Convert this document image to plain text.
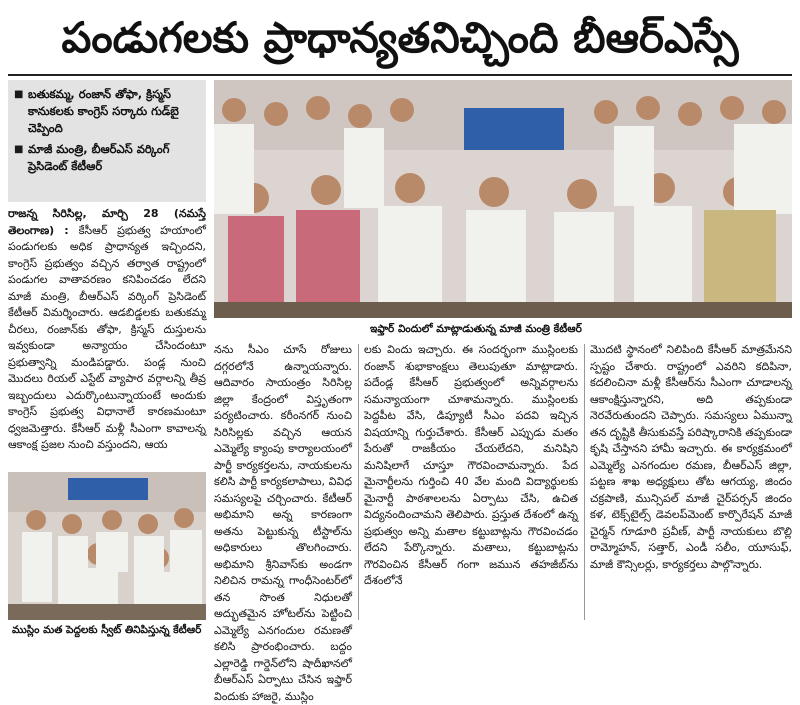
పండుగలకు ప్రాధాన్యతనిచ్చింది బీఆర్ఎస్సే
■ బతుకమ్మ, రంజాన్ తోఫా, క్రిస్మస్ కానుకలకు కాంగ్రెస్ సర్కారు గుడ్‌బై చెప్పింది
■ మాజీ మంత్రి, బీఆర్ఎస్ వర్కింగ్ ప్రెసిడెంట్ కేటీఆర్

రాజన్న సిరిసిల్ల, మార్చి 28 (నమస్తే తెలంగాణ) : కేసీఆర్ ప్రభుత్వ హయాంలో పండుగలకు అధిక ప్రాధాన్యత ఇచ్చిందని, కాంగ్రెస్ ప్రభుత్వం వచ్చిన తర్వాత రాష్ట్రంలో పండుగల వాతావరణం కనిపించడం లేదని మాజీ మంత్రి, బీఆర్ఎస్ వర్కింగ్ ప్రెసిడెంట్ కేటీఆర్ విమర్శించారు. ఆడబిడ్డలకు బతుకమ్మ చీరలు, రంజాన్‌కు తోఫా, క్రిస్మస్ దుస్తులను ఇవ్వకుండా అన్యాయం చేసిందంటూ ప్రభుత్వాన్ని మండిపడ్డారు. పండ్ల నుంచి మొదలు రియల్ ఎస్టేట్ వ్యాపార వర్గాలన్ని తీవ్ర ఇబ్బందులు ఎదుర్కొంటున్నాయంటే అందుకు కాంగ్రెస్ ప్రభుత్వ విధానాలే కారణమంటూ ధ్వజమెత్తారు. కేసీఆర్ మళ్లీ సీఎంగా కావాలన్న ఆకాంక్ష ప్రజల నుంచి వస్తుందని, ఆయ

ముస్లిం మత పెద్దలకు స్వీట్ తినిపిస్తున్న కేటీఆర్
ఇఫ్తార్ విందులో మాట్లాడుతున్న మాజీ మంత్రి కేటీఆర్

నను సీఎం చూసే రోజులు దగ్గరలోనే ఉన్నాయన్నారు. ఆదివారం సాయంత్రం సిరిసిల్ల జిల్లా కేంద్రంలో విస్తృతంగా పర్యటించారు. కరీంనగర్ నుంచి సిరిసిల్లకు వచ్చిన ఆయన ఎమ్మెల్యే క్యాంపు కార్యాలయంలో పార్టీ కార్యకర్తలను, నాయకులను కలిసి పార్టీ కార్యకలాపాలు, వివిధ సమస్యలపై చర్చించారు. కేటీఆర్ అభిమాని అన్న కారణంగా అతను పెట్టుకున్న టీస్టాల్‌ను అధికారులు తొలగించారు. అభిమాని శ్రీనివాస్‌కు అండగా నిలిచిన రామన్న గాంధీసెంటర్‌లో తన సొంత నిధులతో అద్భుతమైన హోటల్‌ను పెట్టించి ఎమ్మెల్యే ఎనగందుల రమణతో కలిసి ప్రారంభించారు. బద్దం ఎల్లారెడ్డి గార్డెన్‌లోని షాదీఖానలో బీఆర్ఎస్ ఏర్పాటు చేసిన ఇఫ్తార్ విందుకు హాజరై, ముస్లిం

లకు విందు ఇచ్చారు. ఈ సందర్భంగా ముస్లింలకు రంజాన్ శుభాకాంక్షలు తెలుపుతూ మాట్లాడారు. పదేండ్ల కేసీఆర్ ప్రభుత్వంలో అన్నివర్గాలను సమన్యాయంగా చూశామన్నారు. ముస్లింలకు పెద్దపీట వేసి, డిప్యూటీ సీఎం పదవి ఇచ్చిన విషయాన్ని గుర్తుచేశారు. కేసీఆర్ ఎప్పుడు మతం పేరుతో రాజకీయం చేయలేదని, మనిషిని మనిషిలాగే చూస్తూ గౌరవించామన్నారు. పేద మైనార్టీలను గుర్తించి 40 వేల మంది విద్యార్థులకు మైనార్టీ పాఠశాలలను ఏర్పాటు చేసి, ఉచిత విద్యనందించామని తెలిపారు. ప్రస్తుత దేశంలో ఉన్న ప్రభుత్వం అన్ని మతాల కట్టుబాట్లను గౌరవించడం లేదని పేర్కొన్నారు. మతాలు, కట్టుబాట్లను గౌరవించిన కేసీఆర్ గంగా జమున తహజీబ్‌ను దేశంలోనే

మొదటి స్థానంలో నిలిపింది కేసీఆర్ మాత్రమేనని స్పష్టం చేశారు. రాష్ట్రంలో ఎవరిని కదిపినా, కదలించినా మళ్లీ కేసీఆర్‌ను సీఎంగా చూడాలన్న ఆకాంక్షిస్తున్నారని, అది తప్పకుండా నెరవేరుతుందని చెప్పారు. సమస్యలు ఏమున్నా తన దృష్టికి తీసుకువస్తే పరిష్కారానికి తప్పకుండా కృషి చేస్తానని హామీ ఇచ్చారు. ఈ కార్యక్రమంలో ఎమ్మెల్యే ఎనగందుల రమణ, బీఆర్ఎస్ జిల్లా, పట్టణ శాఖ అధ్యక్షులు తోట ఆగయ్య, జిందం చక్రపాణి, మున్సిపల్ మాజీ చైర్‌పర్సన్ జిందం కళ, టెక్స్‌టైల్స్ డెవలప్‌మెంట్ కార్పొరేషన్ మాజీ చైర్మన్ గూడూరి ప్రవీణ్, పార్టీ నాయకులు బొల్లి రామ్మోహన్, సత్తార్, ఎండీ సలీం, యూసుఫ్, మాజీ కౌన్సిలర్లు, కార్యకర్తలు పాల్గొన్నారు.
